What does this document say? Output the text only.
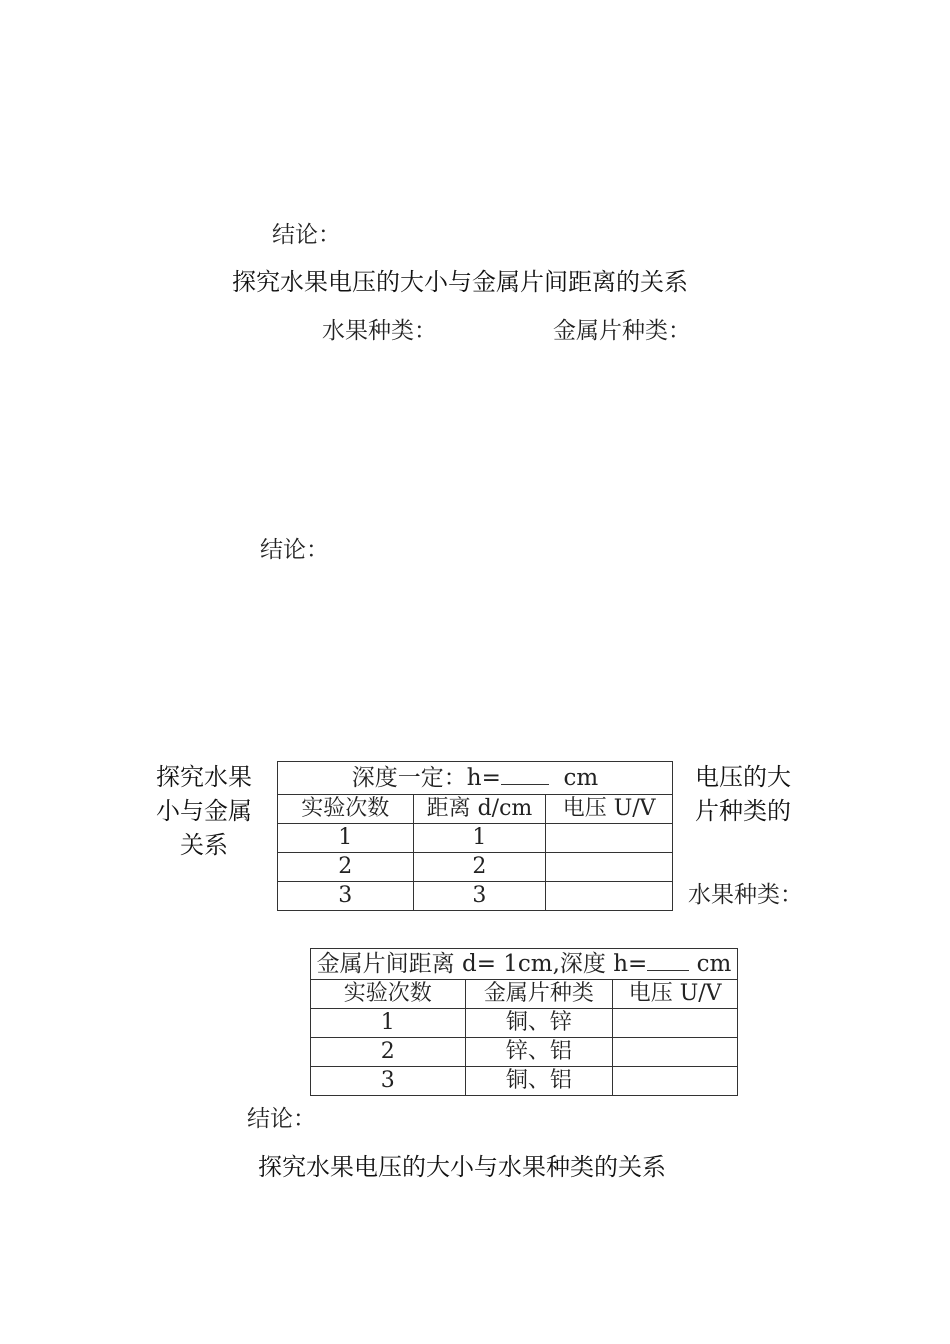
结论：
探究水果电压的大小与金属片间距离的关系
水果种类：	金属片种类：
结论：
探究水果
小与金属
关系
电压的大
片种类的
水果种类：
深度一定：h= cm		
实验次数	距离 d/cm	电压 U/V
1	1	
2	2	
3	3	
金属片间距离 d= 1cm,深度 h= cm		
实验次数	金属片种类	电压 U/V
1	铜、锌	
2	锌、铝	
3	铜、铝	
结论：
探究水果电压的大小与水果种类的关系
